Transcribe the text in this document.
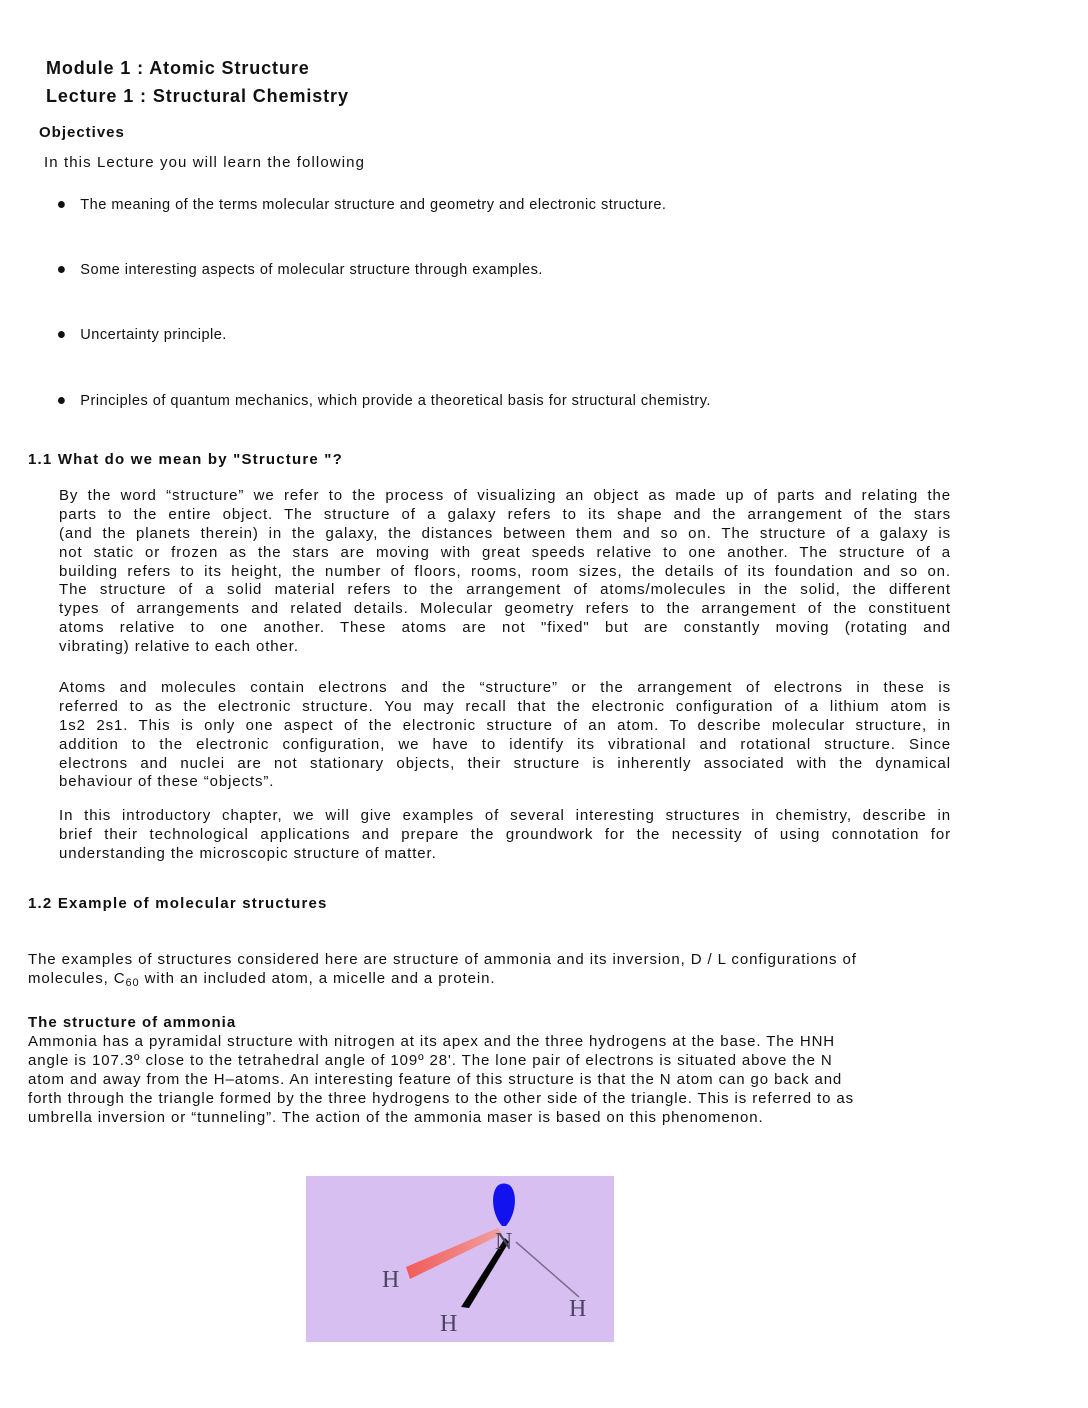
Module 1 : Atomic Structure
Lecture 1 : Structural Chemistry
Objectives
In this Lecture you will learn the following
The meaning of the terms molecular structure and geometry and electronic structure.
Some interesting aspects of molecular structure through examples.
Uncertainty principle.
Principles of quantum mechanics, which provide a theoretical basis for structural chemistry.
1.1 What do we mean by "Structure "?
By the word “structure” we refer to the process of visualizing an object as made up of parts and relating the
parts to the entire object. The structure of a galaxy refers to its shape and the arrangement of the stars
(and the planets therein) in the galaxy, the distances between them and so on. The structure of a galaxy is
not static or frozen as the stars are moving with great speeds relative to one another. The structure of a
building refers to its height, the number of floors, rooms, room sizes, the details of its foundation and so on.
The structure of a solid material refers to the arrangement of atoms/molecules in the solid, the different
types of arrangements and related details. Molecular geometry refers to the arrangement of the constituent
atoms relative to one another. These atoms are not "fixed" but are constantly moving (rotating and
vibrating) relative to each other.
Atoms and molecules contain electrons and the “structure” or the arrangement of electrons in these is
referred to as the electronic structure. You may recall that the electronic configuration of a lithium atom is
1s2 2s1. This is only one aspect of the electronic structure of an atom. To describe molecular structure, in
addition to the electronic configuration, we have to identify its vibrational and rotational structure. Since
electrons and nuclei are not stationary objects, their structure is inherently associated with the dynamical
behaviour of these “objects”.
In this introductory chapter, we will give examples of several interesting structures in chemistry, describe in
brief their technological applications and prepare the groundwork for the necessity of using connotation for
understanding the microscopic structure of matter.
1.2 Example of molecular structures
The examples of structures considered here are structure of ammonia and its inversion, D / L configurations of
molecules, $C_{60}$ with an included atom, a micelle and a protein.
The structure of ammonia
Ammonia has a pyramidal structure with nitrogen at its apex and the three hydrogens at the base. The HNH
angle is 107.3º close to the tetrahedral angle of 109º 28'. The lone pair of electrons is situated above the N
atom and away from the H–atoms. An interesting feature of this structure is that the N atom can go back and
forth through the triangle formed by the three hydrogens to the other side of the triangle. This is referred to as
umbrella inversion or “tunneling”. The action of the ammonia maser is based on this phenomenon.
N
H
H
H
